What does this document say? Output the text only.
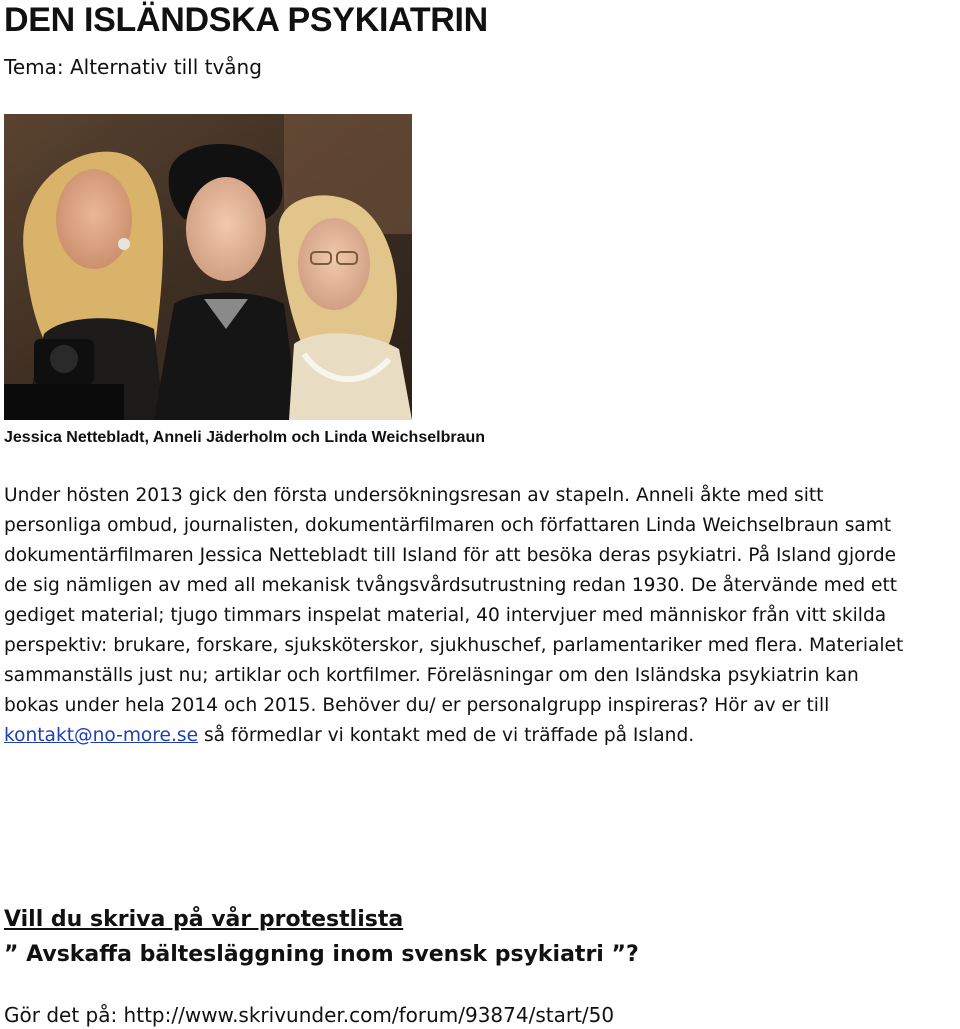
DEN ISLÄNDSKA PSYKIATRIN
Tema: Alternativ till tvång
Jessica Nettebladt, Anneli Jäderholm och Linda Weichselbraun
Under hösten 2013 gick den första undersökningsresan av stapeln. Anneli åkte med sitt
personliga ombud, journalisten, dokumentärfilmaren och författaren Linda Weichselbraun samt
dokumentärfilmaren Jessica Nettebladt till Island för att besöka deras psykiatri. På Island gjorde
de sig nämligen av med all mekanisk tvångsvårdsutrustning redan 1930. De återvände med ett
gediget material; tjugo timmars inspelat material, 40 intervjuer med människor från vitt skilda
perspektiv: brukare, forskare, sjuksköterskor, sjukhuschef, parlamentariker med flera. Materialet
sammanställs just nu; artiklar och kortfilmer. Föreläsningar om den Isländska psykiatrin kan
bokas under hela 2014 och 2015. Behöver du/ er personalgrupp inspireras? Hör av er till
kontakt@no-more.se så förmedlar vi kontakt med de vi träffade på Island.
Vill du skriva på vår protestlista
” Avskaffa bältesläggning inom svensk psykiatri ”?
Gör det på: http://www.skrivunder.com/forum/93874/start/50
